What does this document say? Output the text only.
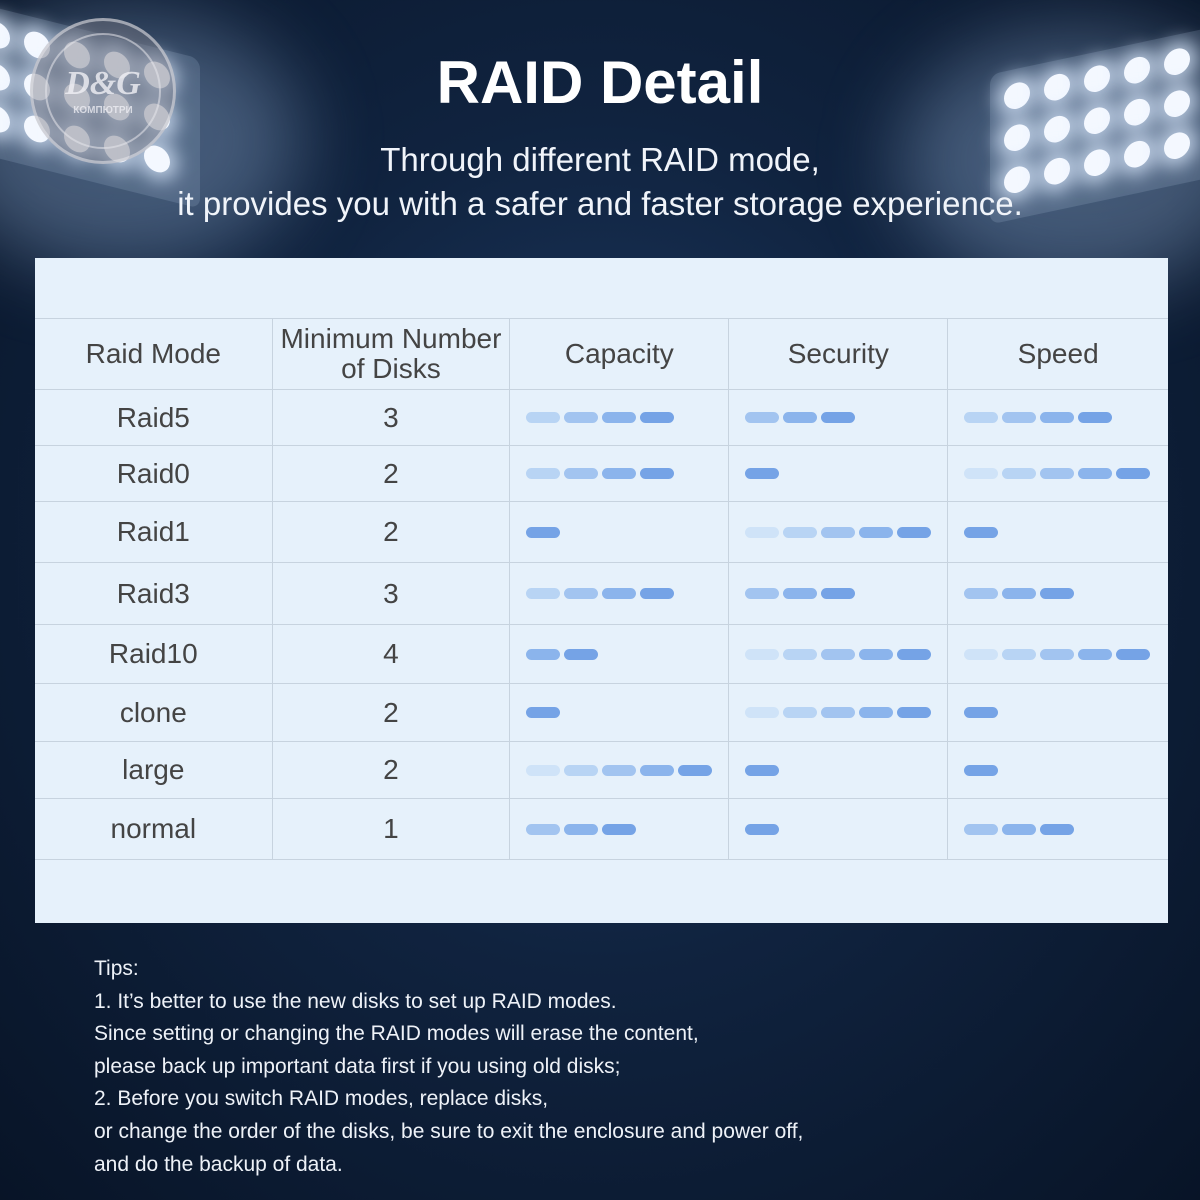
D&G
КОМПЮТРИ	RAID Detail
Through different RAID mode,
it provides you with a safer and faster storage experience.
Raid Mode	Minimum Number of Disks	Capacity	Security	Speed
Raid5	3	

Raid0	2	

Raid1	2	

Raid3	3	

Raid10	4	

clone	2	

large	2	

normal	1	

Tips:
1. It’s better to use the new disks to set up RAID modes.
Since setting or changing the RAID modes will erase the content,
please back up important data first if you using old disks;
2. Before you switch RAID modes, replace disks,
or change the order of the disks, be sure to exit the enclosure and power off,
and do the backup of data.
